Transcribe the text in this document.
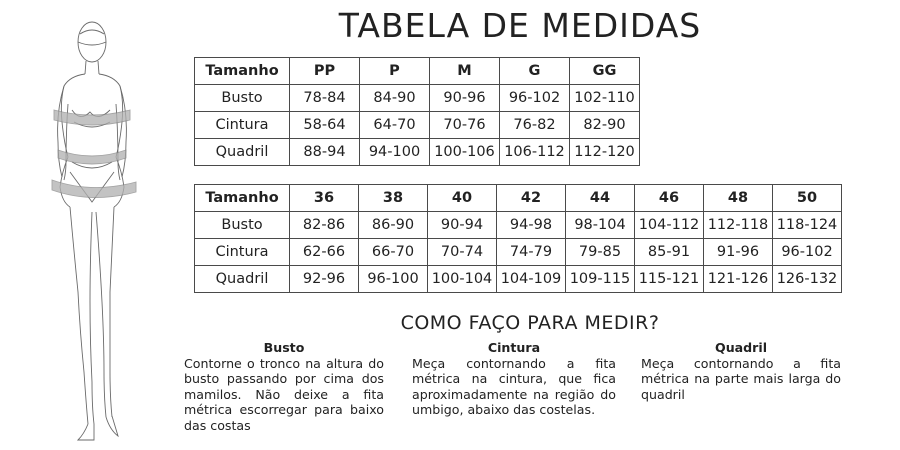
TABELA DE MEDIDAS
Tamanho	PP	P	M	G	GG
Busto	78-84	84-90	90-96	96-102	102-110
Cintura	58-64	64-70	70-76	76-82	82-90
Quadril	88-94	94-100	100-106	106-112	112-120
Tamanho	36	38	40	42	44	46	48	50
Busto	82-86	86-90	90-94	94-98	98-104	104-112	112-118	118-124
Cintura	62-66	66-70	70-74	74-79	79-85	85-91	91-96	96-102
Quadril	92-96	96-100	100-104	104-109	109-115	115-121	121-126	126-132
COMO FAÇO PARA MEDIR?
Busto
Contorne o tronco na altura do busto passando por cima dos mamilos. Não deixe a fita métrica escorregar para baixo das costas
Cintura
Meça contornando a fita métrica na cintura, que fica aproximadamente na região do umbigo, abaixo das costelas.
Quadril
Meça contornando a fita métrica na parte mais larga do quadril
